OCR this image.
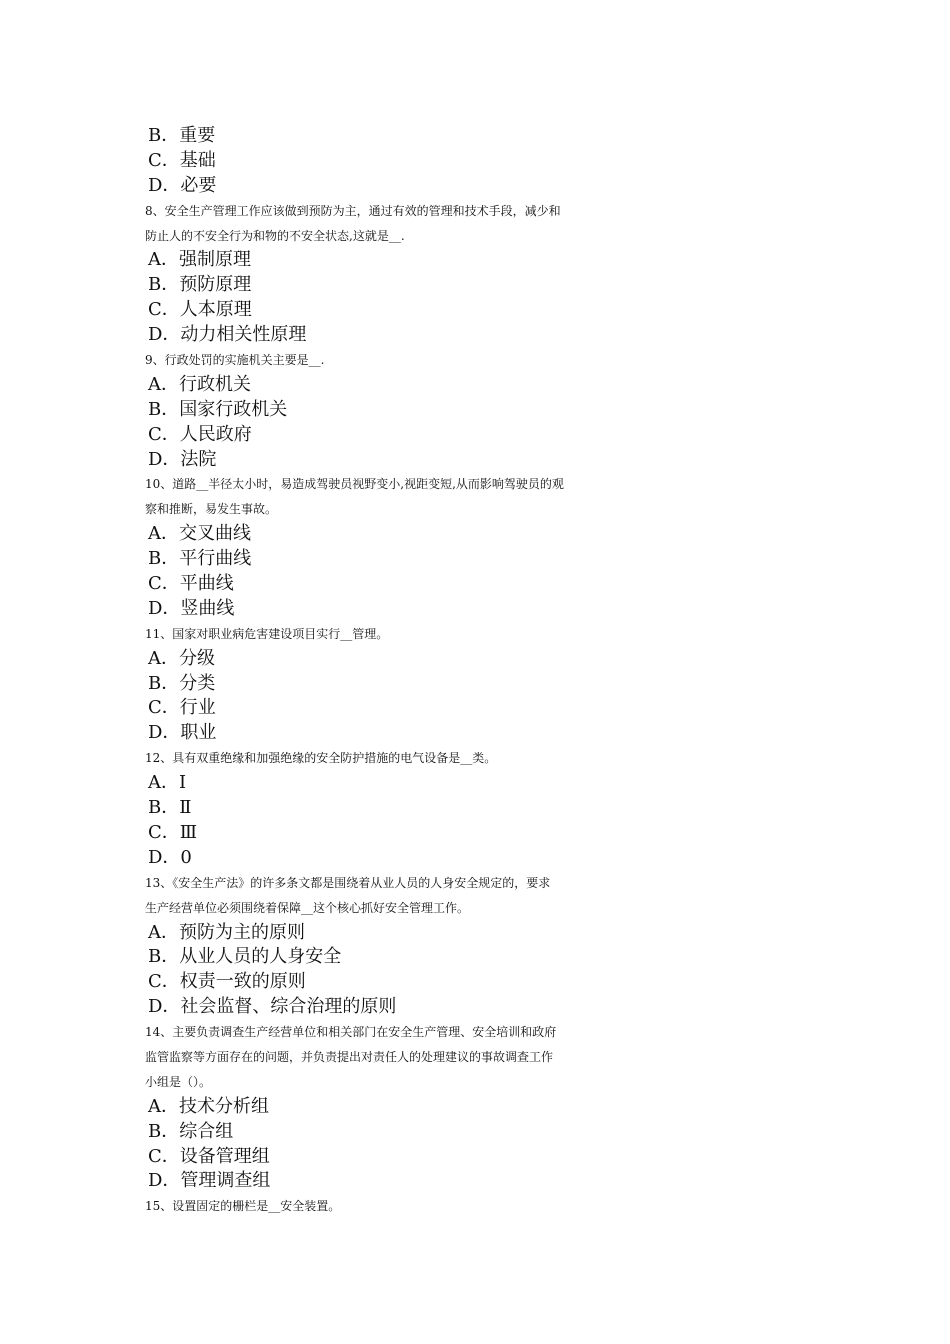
B．重要
C．基础
D．必要
8、安全生产管理工作应该做到预防为主，通过有效的管理和技术手段，减少和
防止人的不安全行为和物的不安全状态,这就是__.
A．强制原理
B．预防原理
C．人本原理
D．动力相关性原理
9、行政处罚的实施机关主要是__.
A．行政机关
B．国家行政机关
C．人民政府
D．法院
10、道路__半径太小时，易造成驾驶员视野变小,视距变短,从而影响驾驶员的观
察和推断，易发生事故。
A．交叉曲线
B．平行曲线
C．平曲线
D．竖曲线
11、国家对职业病危害建设项目实行__管理。
A．分级
B．分类
C．行业
D．职业
12、具有双重绝缘和加强绝缘的安全防护措施的电气设备是__类。
A．Ⅰ
B．Ⅱ
C．Ⅲ
D．0
13、《安全生产法》的许多条文都是围绕着从业人员的人身安全规定的，要求
生产经营单位必须围绕着保障__这个核心抓好安全管理工作。
A．预防为主的原则
B．从业人员的人身安全
C．权责一致的原则
D．社会监督、综合治理的原则
14、主要负责调查生产经营单位和相关部门在安全生产管理、安全培训和政府
监管监察等方面存在的问题，并负责提出对责任人的处理建议的事故调查工作
小组是（）。
A．技术分析组
B．综合组
C．设备管理组
D．管理调查组
15、设置固定的栅栏是__安全装置。
